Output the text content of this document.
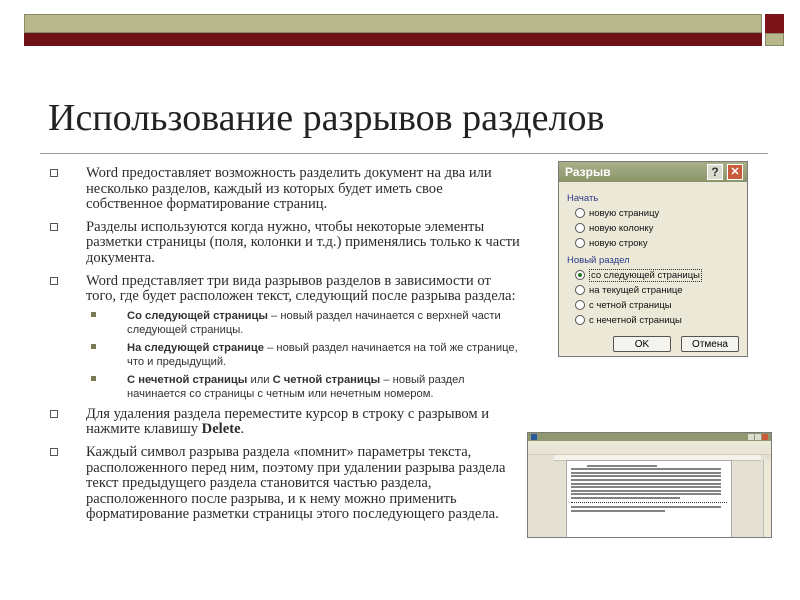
Использование разрывов разделов
Word предоставляет возможность разделить документ на два или несколько разделов, каждый из которых будет иметь свое собственное форматирование страниц.
Разделы используются когда нужно, чтобы некоторые элементы разметки страницы (поля, колонки и т.д.) применялись только к части документа.
Word представляет три вида разрывов разделов в зависимости от того, где будет расположен текст, следующий после разрыва раздела:
Со следующей страницы – новый раздел начинается с верхней части следующей страницы.
На следующей странице – новый раздел начинается на той же странице, что и предыдущий.
С нечетной страницы или С четной страницы – новый раздел начинается со страницы с четным или нечетным номером.
Для удаления раздела переместите курсор в строку с разрывом и нажмите клавишу Delete.
Каждый символ разрыва раздела «помнит» параметры текста, расположенного перед ним, поэтому при удалении разрыва раздела текст предыдущего раздела становится частью раздела, расположенного после разрыва, и к нему можно применить форматирование разметки страницы этого последующего раздела.
Разрыв	?	✕
Начать
новую страницу
новую колонку
новую строку
Новый раздел
со следующей страницы
на текущей странице
с четной страницы
с нечетной страницы
OK	Отмена
